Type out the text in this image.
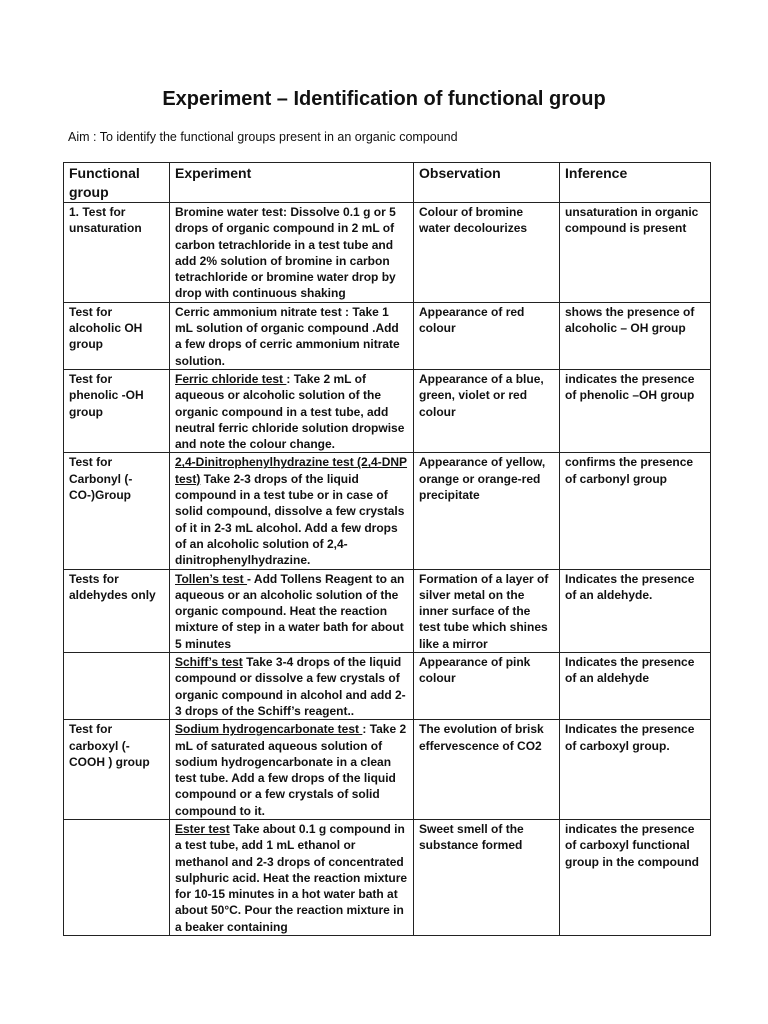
Experiment – Identification of functional group
Aim : To identify the functional groups present in an organic compound
Functional group	Experiment	Observation	Inference
1. Test for unsaturation	Bromine water test: Dissolve 0.1 g or 5 drops of organic compound in 2 mL of carbon tetrachloride in a test tube and add 2% solution of bromine in carbon tetrachloride or bromine water drop by drop with continuous shaking	Colour of bromine water decolourizes	unsaturation in organic compound is present
Test for alcoholic OH group	Cerric ammonium nitrate test : Take 1 mL solution of organic compound .Add a few drops of cerric ammonium nitrate solution.	Appearance of red colour	shows the presence of alcoholic – OH group
Test for phenolic -OH group	Ferric chloride test : Take 2 mL of aqueous or alcoholic solution of the organic compound in a test tube, add neutral ferric chloride solution dropwise and note the colour change.	Appearance of a blue, green, violet or red colour	indicates the presence of phenolic –OH group
Test for Carbonyl (-CO-)Group	2,4-Dinitrophenylhydrazine test (2,4-DNP test) Take 2-3 drops of the liquid compound in a test tube or in case of solid compound, dissolve a few crystals of it in 2-3 mL alcohol. Add a few drops of an alcoholic solution of 2,4-dinitrophenylhydrazine.	Appearance of yellow, orange or orange-red precipitate	confirms the presence of carbonyl group
Tests for aldehydes only	Tollen’s test - Add Tollens Reagent to an aqueous or an alcoholic solution of the organic compound. Heat the reaction mixture of step in a water bath for about 5 minutes	Formation of a layer of silver metal on the inner surface of the test tube which shines like a mirror	Indicates the presence of an aldehyde.
	Schiff’s test Take 3-4 drops of the liquid compound or dissolve a few crystals of organic compound in alcohol and add 2-3 drops of the Schiff’s reagent..	Appearance of pink colour	Indicates the presence of an aldehyde
Test for carboxyl (-COOH ) group	Sodium hydrogencarbonate test : Take 2 mL of saturated aqueous solution of sodium hydrogencarbonate in a clean test tube. Add a few drops of the liquid compound or a few crystals of solid compound to it.	The evolution of brisk effervescence of CO2	Indicates the presence of carboxyl group.
	Ester test Take about 0.1 g compound in a test tube, add 1 mL ethanol or methanol and 2-3 drops of concentrated sulphuric acid. Heat the reaction mixture for 10-15 minutes in a hot water bath at about 50°C. Pour the reaction mixture in a beaker containing	Sweet smell of the substance formed	indicates the presence of carboxyl functional group in the compound
